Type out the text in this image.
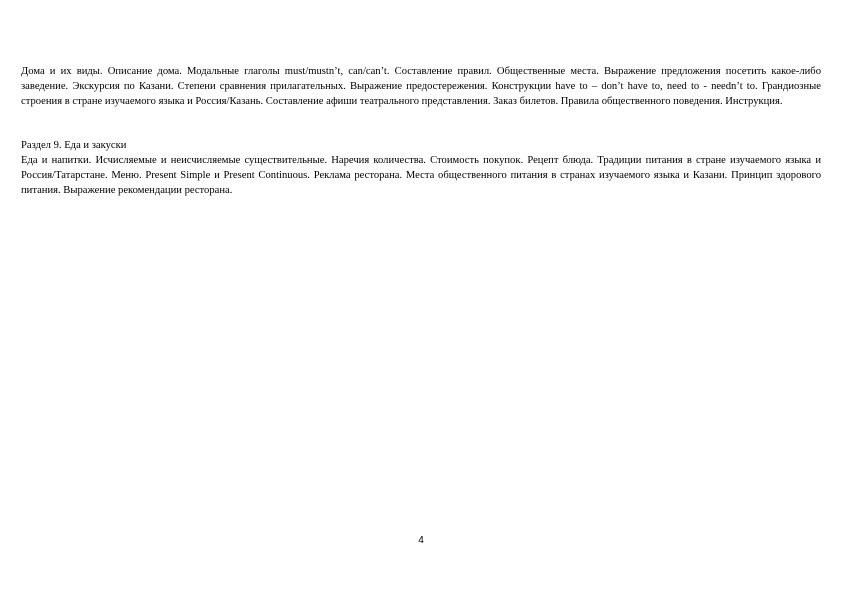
Дома и их виды. Описание дома. Модальные глаголы must/mustn’t, can/can’t. Составление правил. Общественные места. Выражение предложения посетить какое-либо заведение. Экскурсия по Казани. Степени сравнения прилагательных. Выражение предостережения. Конструкции have to – don’t have to, need to - needn’t to. Грандиозные строения в стране изучаемого языка и Россия/Казань. Составление афиши театрального представления. Заказ билетов. Правила общественного поведения. Инструкция.

Раздел 9. Еда и закуски

Еда и напитки. Исчисляемые и неисчисляемые существительные. Наречия количества. Стоимость покупок. Рецепт блюда. Традиции питания в стране изучаемого языка и Россия/Татарстане. Меню. Present Simple и Present Continuous. Реклама ресторана. Места общественного питания в странах изучаемого языка и Казани. Принцип здорового питания. Выражение рекомендации ресторана.

4
